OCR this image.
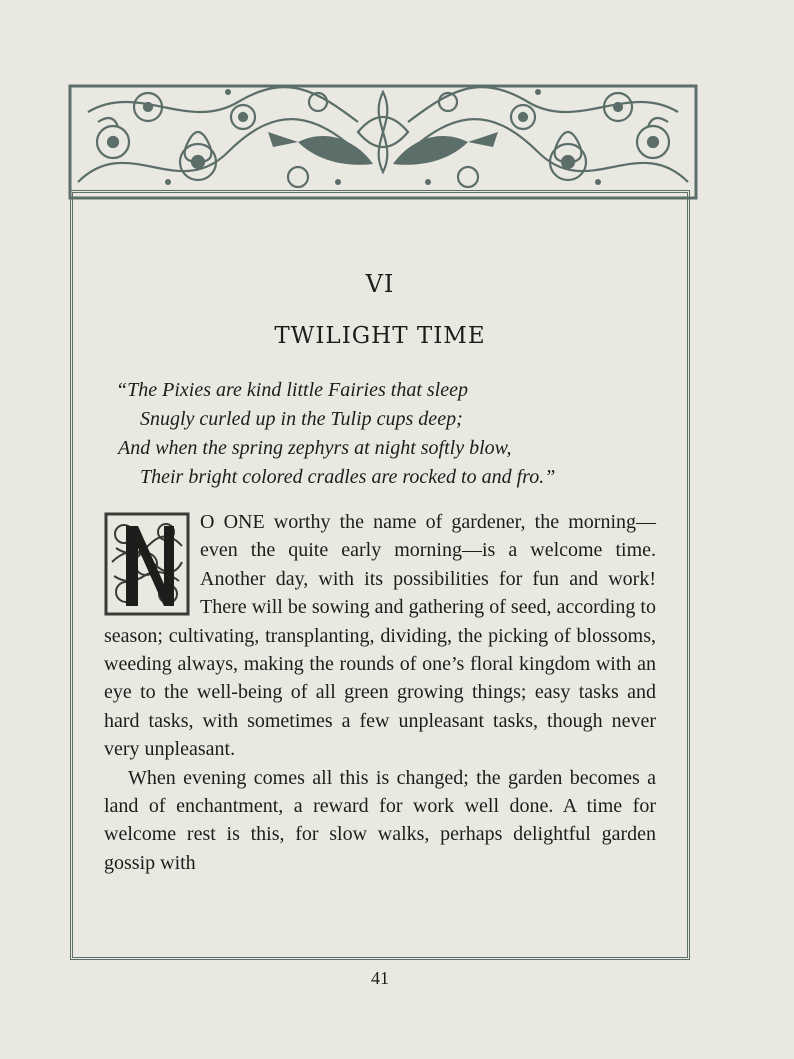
VI
TWILIGHT TIME
“The Pixies are kind little Fairies that sleep
Snugly curled up in the Tulip cups deep;
And when the spring zephyrs at night softly blow,
Their bright colored cradles are rocked to and fro.”

O ONE worthy the name of gardener, the morning—even the quite early morning—is a welcome time. Another day, with its possibilities for fun and work! There will be sowing and gathering of seed, according to season; cultivating, transplanting, dividing, the picking of blossoms, weeding always, making the rounds of one’s floral kingdom with an eye to the well-being of all green growing things; easy tasks and hard tasks, with sometimes a few unpleasant tasks, though never very unpleasant.

When evening comes all this is changed; the garden becomes a land of enchantment, a reward for work well done. A time for welcome rest is this, for slow walks, perhaps delightful garden gossip with

41
